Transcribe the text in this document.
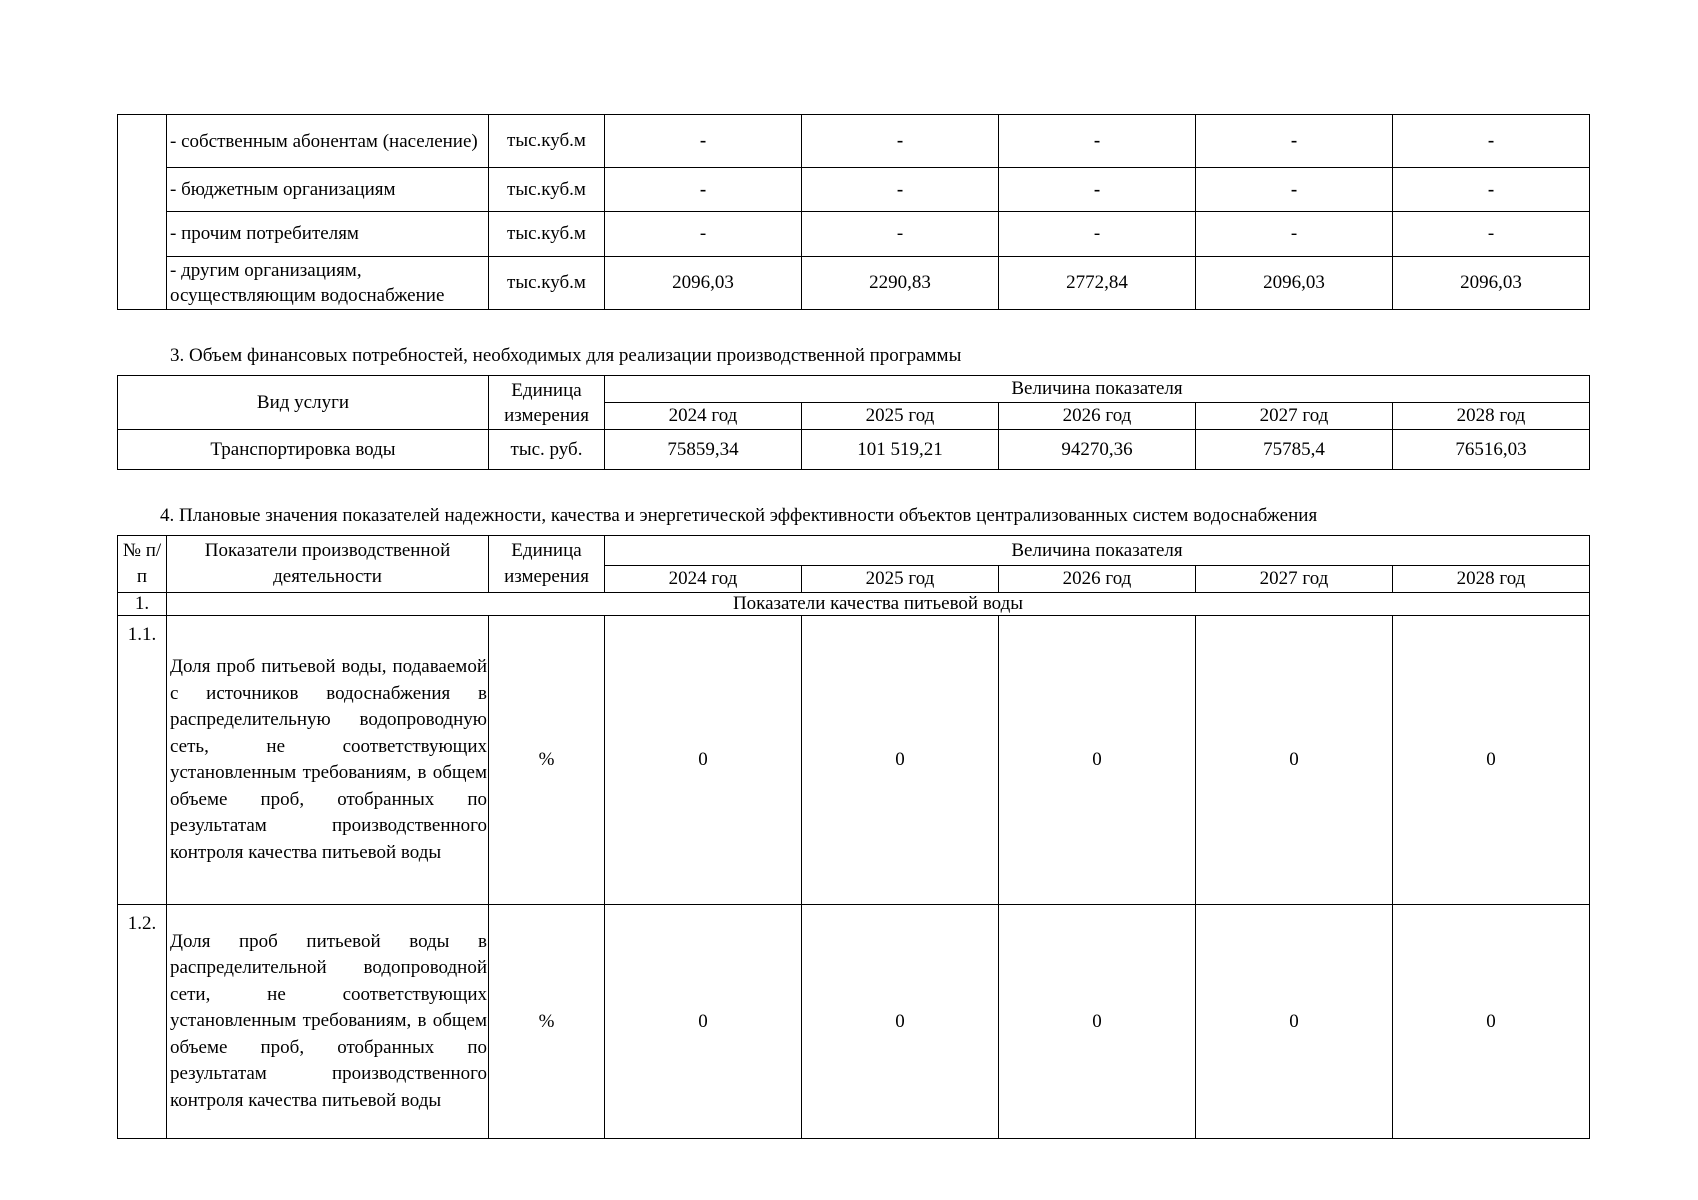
	- собственным абонентам (население)	тыс.куб.м	-	-	-	-	-
	- бюджетным организациям	тыс.куб.м	-	-	-	-	-
	- прочим потребителям	тыс.куб.м	-	-	-	-	-
	- другим организациям, осуществляющим водоснабжение	тыс.куб.м	2096,03	2290,83	2772,84	2096,03	2096,03
3. Объем финансовых потребностей, необходимых для реализации производственной программы
Вид услуги	Единица измерения	Величина показателя				
		2024 год	2025 год	2026 год	2027 год	2028 год
Транспортировка воды	тыс. руб.	75859,34	101 519,21	94270,36	75785,4	76516,03
4. Плановые значения показателей надежности, качества и энергетической эффективности объектов централизованных систем водоснабжения
№ п/п	Показатели производственной деятельности	Единица измерения	Величина показателя				
			2024 год	2025 год	2026 год	2027 год	2028 год
1.	Показатели качества питьевой воды						
1.1.	Доля проб питьевой воды, подаваемой с источников водоснабжения в распределительную водопроводную сеть, не соответствующих установленным требованиям, в общем объеме проб, отобранных по результатам производственного контроля качества питьевой воды	%	0	0	0	0	0
1.2.	Доля проб питьевой воды в распределительной водопроводной сети, не соответствующих установленным требованиям, в общем объеме проб, отобранных по результатам производственного контроля качества питьевой воды	%	0	0	0	0	0
